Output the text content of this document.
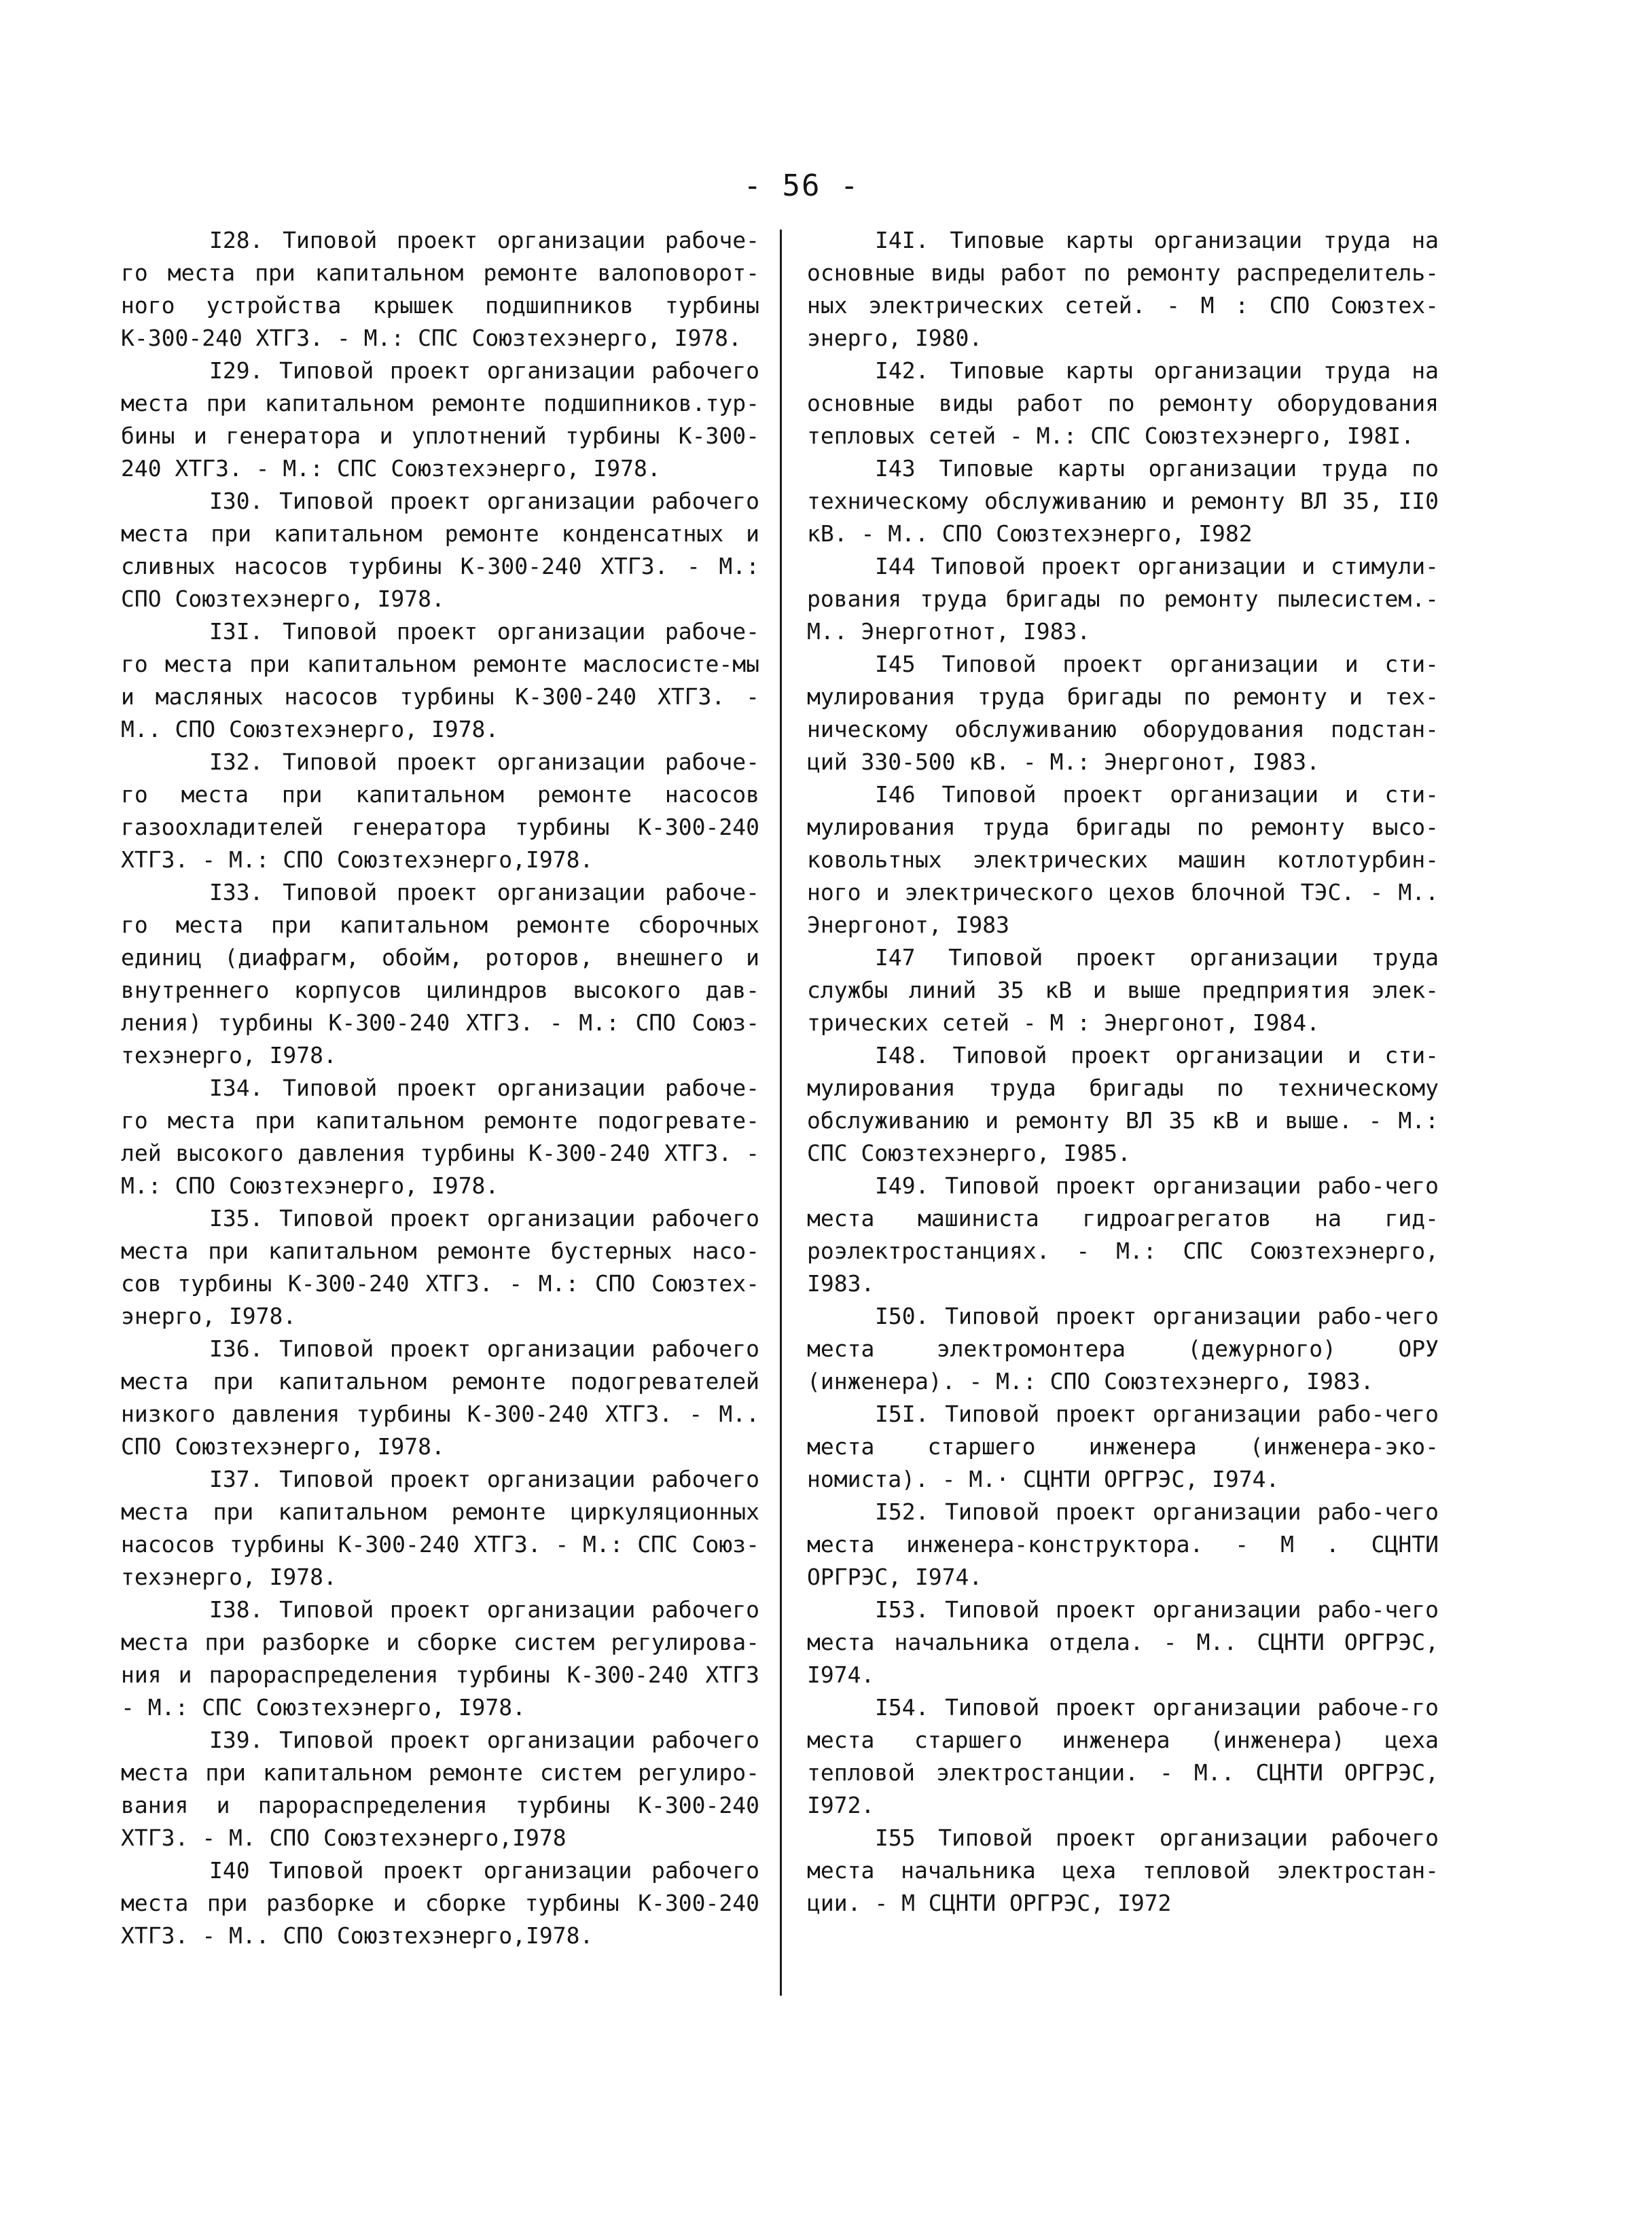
- 56 -

I28. Типовой проект организации рабоче-го места при капитальном ремонте валоповорот-ного устройства крышек подшипников турбины К-300-240 ХТГЗ. - М.: СПС Союзтехэнерго, I978.

I29. Типовой проект организации рабочего места при капитальном ремонте подшипников.тур-бины и генератора и уплотнений турбины К-300-240 ХТГЗ. - М.: СПС Союзтехэнерго, I978.

I30. Типовой проект организации рабочего места при капитальном ремонте конденсатных и сливных насосов турбины К-300-240 ХТГЗ. - М.: СПО Союзтехэнерго, I978.

I3I. Типовой проект организации рабоче-го места при капитальном ремонте маслосисте-мы и масляных насосов турбины К-300-240 ХТГЗ. - М.. СПО Союзтехэнерго, I978.

I32. Типовой проект организации рабоче-го места при капитальном ремонте насосов газоохладителей генератора турбины К-300-240 ХТГЗ. - М.: СПО Союзтехэнерго,I978.

I33. Типовой проект организации рабоче-го места при капитальном ремонте сборочных единиц (диафрагм, обойм, роторов, внешнего и внутреннего корпусов цилиндров высокого дав-ления) турбины К-300-240 ХТГЗ. - М.: СПО Союз-техэнерго, I978.

I34. Типовой проект организации рабоче-го места при капитальном ремонте подогревате-лей высокого давления турбины К-300-240 ХТГЗ. - М.: СПО Союзтехэнерго, I978.

I35. Типовой проект организации рабочего места при капитальном ремонте бустерных насо-сов турбины К-300-240 ХТГЗ. - М.: СПО Союзтех-энерго, I978.

I36. Типовой проект организации рабочего места при капитальном ремонте подогревателей низкого давления турбины К-300-240 ХТГЗ. - М.. СПО Союзтехэнерго, I978.

I37. Типовой проект организации рабочего места при капитальном ремонте циркуляционных насосов турбины К-300-240 ХТГЗ. - М.: СПС Союз-техэнерго, I978.

I38. Типовой проект организации рабочего места при разборке и сборке систем регулирова-ния и парораспределения турбины К-300-240 ХТГЗ - М.: СПС Союзтехэнерго, I978.

I39. Типовой проект организации рабочего места при капитальном ремонте систем регулиро-вания и парораспределения турбины К-300-240 ХТГЗ. - М. СПО Союзтехэнерго,I978

I40 Типовой проект организации рабочего места при разборке и сборке турбины К-300-240 ХТГЗ. - М.. СПО Союзтехэнерго,I978.

I4I. Типовые карты организации труда на основные виды работ по ремонту распределитель-ных электрических сетей. - М : СПО Союзтех-энерго, I980.

I42. Типовые карты организации труда на основные виды работ по ремонту оборудования тепловых сетей - М.: СПС Союзтехэнерго, I98I.

I43 Типовые карты организации труда по техническому обслуживанию и ремонту ВЛ 35, II0 кВ. - М.. СПО Союзтехэнерго, I982

I44 Типовой проект организации и стимули-рования труда бригады по ремонту пылесистем.- М.. Энерготнот, I983.

I45 Типовой проект организации и сти-мулирования труда бригады по ремонту и тех-ническому обслуживанию оборудования подстан-ций 330-500 кВ. - М.: Энергонот, I983.

I46 Типовой проект организации и сти-мулирования труда бригады по ремонту высо-ковольтных электрических машин котлотурбин-ного и электрического цехов блочной ТЭС. - М.. Энергонот, I983

I47 Типовой проект организации труда службы линий 35 кВ и выше предприятия элек-трических сетей - М : Энергонот, I984.

I48. Типовой проект организации и сти-мулирования труда бригады по техническому обслуживанию и ремонту ВЛ 35 кВ и выше. - М.: СПС Союзтехэнерго, I985.

I49. Типовой проект организации рабо-чего места машиниста гидроагрегатов на гид-роэлектростанциях. - М.: СПС Союзтехэнерго, I983.

I50. Типовой проект организации рабо-чего места электромонтера (дежурного) ОРУ (инженера). - М.: СПО Союзтехэнерго, I983.

I5I. Типовой проект организации рабо-чего места старшего инженера (инженера-эко-номиста). - М.· СЦНТИ ОРГРЭС, I974.

I52. Типовой проект организации рабо-чего места инженера-конструктора. - М . СЦНТИ ОРГРЭС, I974.

I53. Типовой проект организации рабо-чего места начальника отдела. - М.. СЦНТИ ОРГРЭС, I974.

I54. Типовой проект организации рабоче-го места старшего инженера (инженера) цеха тепловой электростанции. - М.. СЦНТИ ОРГРЭС, I972.

I55 Типовой проект организации рабочего места начальника цеха тепловой электростан-ции. - М СЦНТИ ОРГРЭС, I972
